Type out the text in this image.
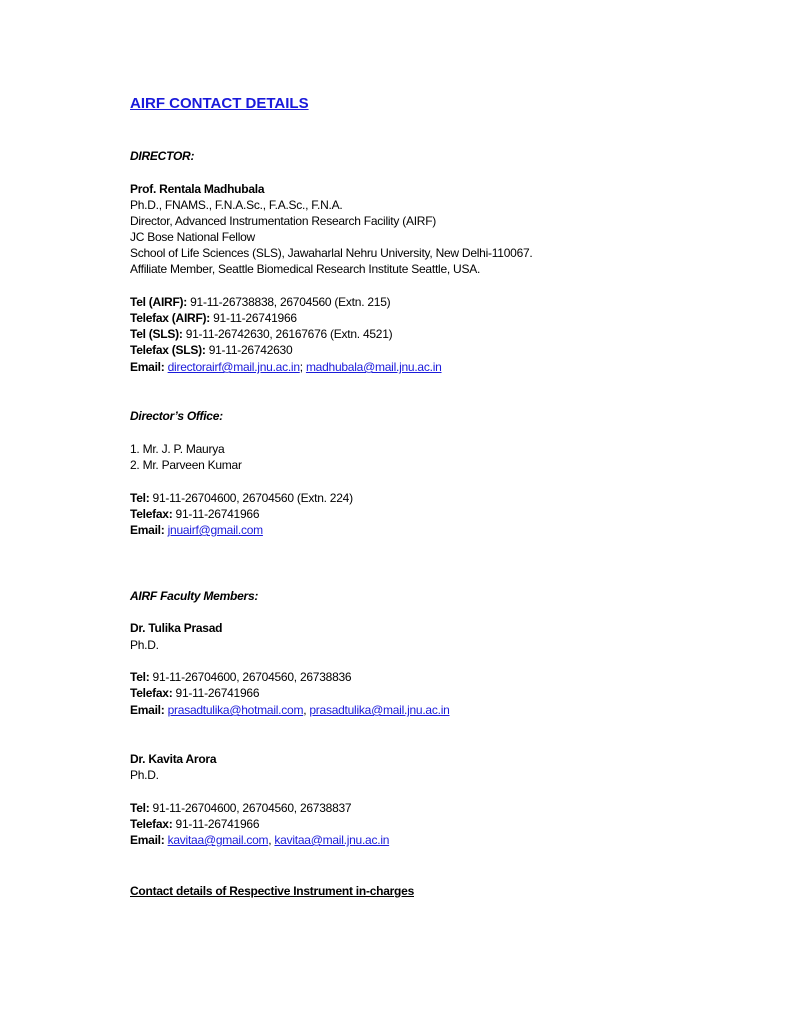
AIRF CONTACT DETAILS
DIRECTOR:
Prof. Rentala Madhubala
Ph.D., FNAMS., F.N.A.Sc., F.A.Sc., F.N.A.
Director, Advanced Instrumentation Research Facility (AIRF)
JC Bose National Fellow
School of Life Sciences (SLS), Jawaharlal Nehru University, New Delhi-110067.
Affiliate Member, Seattle Biomedical Research Institute Seattle, USA.
Tel (AIRF): 91-11-26738838, 26704560 (Extn. 215)
Telefax (AIRF): 91-11-26741966
Tel (SLS): 91-11-26742630, 26167676 (Extn. 4521)
Telefax (SLS): 91-11-26742630
Email: directorairf@mail.jnu.ac.in; madhubala@mail.jnu.ac.in
Director’s Office:
1. Mr. J. P. Maurya
2. Mr. Parveen Kumar
Tel: 91-11-26704600, 26704560 (Extn. 224)
Telefax: 91-11-26741966
Email: jnuairf@gmail.com
AIRF Faculty Members:
Dr. Tulika Prasad
Ph.D.
Tel: 91-11-26704600, 26704560, 26738836
Telefax: 91-11-26741966
Email: prasadtulika@hotmail.com, prasadtulika@mail.jnu.ac.in
Dr. Kavita Arora
Ph.D.
Tel: 91-11-26704600, 26704560, 26738837
Telefax: 91-11-26741966
Email: kavitaa@gmail.com, kavitaa@mail.jnu.ac.in
Contact details of Respective Instrument in-charges
